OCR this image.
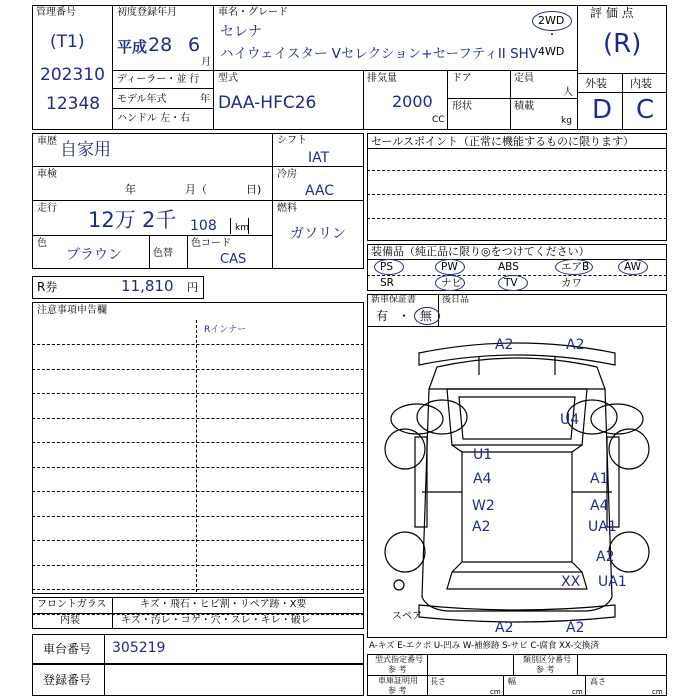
管理番号
(T1)
202310
12348
初度登録年月
平成 28 6
月
ディーラー・並 行
モデル年式	年
ハンドル 左・右
車名・グレード
セレナ
ハイウェイスター Vセレクション+セーフティII SHV
2WD
・
4WD
評 価 点
(R)
外装 内装
D C
型式
DAA-HFC26
排気量
2000
CC
ドア
形状
定員
人
積載
kg
車歴 自家用
車検
年	月（	日)
走行 12万 2千 108 km
色
ブラウン	色替
色コード
CAS
シフト
IAT
冷房
AAC
燃料
ガソリン
R券	11,810 円
注意事項申告欄
Rインナー
セールスポイント（正常に機能するものに限ります）
装備品（純正品に限り◎をつけてください）
PS	PW	ABS	エアB	AW
SR	ナビ	TV	カワ
新車保証書
有 ・ 無
後日品
A2	A2
U4
U1
A4	A1
W2	A4
A2	UA1
A2
XX UA1
A2	A2
スペア
A-キズ E-エクボ U-凹み W-補修跡 S-サビ C-腐食 XX-交換済
型式指定番号
参 考
類別区分番号
参 考
車庫証明用
参 考
長さ
cm
幅
cm
高さ
cm
フロントガラス	キズ・飛石・ヒビ割・リペア跡・X要
内装	キズ・汚レ・コゲ・穴・スレ・キレ・破レ
車台番号 305219
登録番号
